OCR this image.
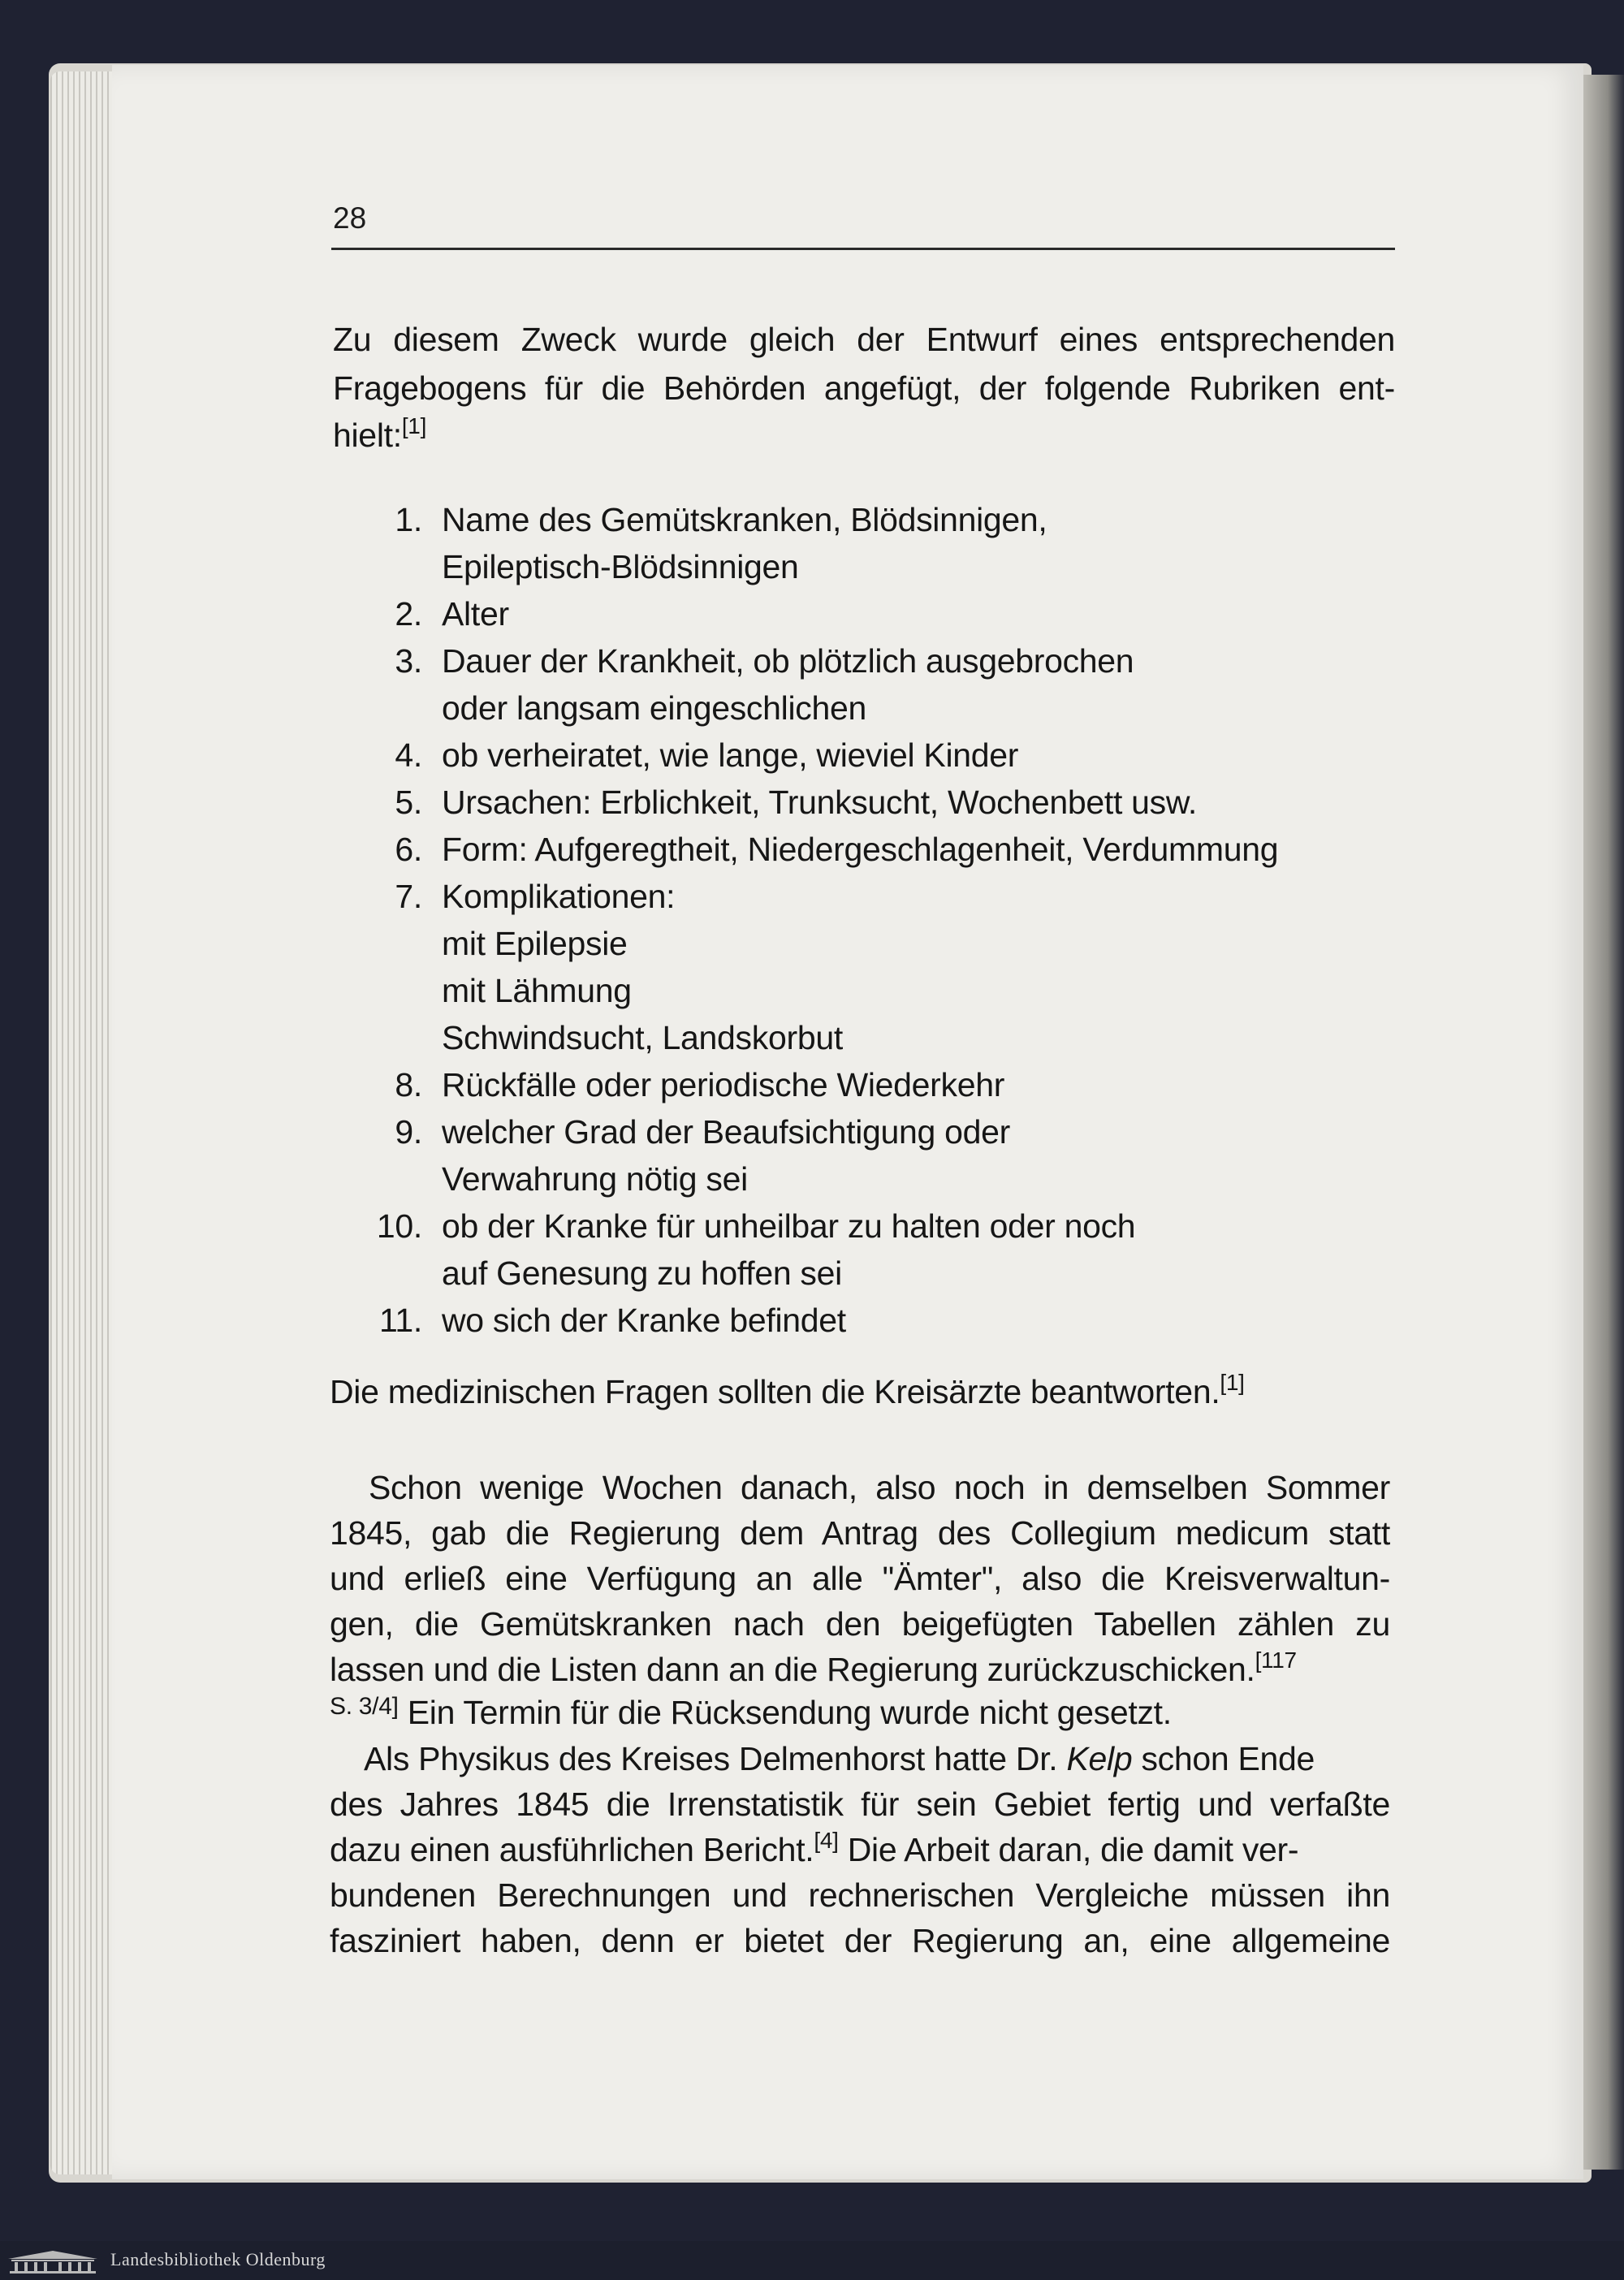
28
Zu diesem Zweck wurde gleich der Entwurf eines entsprechenden
Fragebogens für die Behörden angefügt, der folgende Rubriken ent-
hielt:[1]
1. Name des Gemütskranken, Blödsinnigen,
Epileptisch-Blödsinnigen
2. Alter
3. Dauer der Krankheit, ob plötzlich ausgebrochen
oder langsam eingeschlichen
4. ob verheiratet, wie lange, wieviel Kinder
5. Ursachen: Erblichkeit, Trunksucht, Wochenbett usw.
6. Form: Aufgeregtheit, Niedergeschlagenheit, Verdummung
7. Komplikationen:
mit Epilepsie
mit Lähmung
Schwindsucht, Landskorbut
8. Rückfälle oder periodische Wiederkehr
9. welcher Grad der Beaufsichtigung oder
Verwahrung nötig sei
10. ob der Kranke für unheilbar zu halten oder noch
auf Genesung zu hoffen sei
11. wo sich der Kranke befindet
Die medizinischen Fragen sollten die Kreisärzte beantworten.[1]
Schon wenige Wochen danach, also noch in demselben Sommer
1845, gab die Regierung dem Antrag des Collegium medicum statt
und erließ eine Verfügung an alle "Ämter", also die Kreisverwaltun-
gen, die Gemütskranken nach den beigefügten Tabellen zählen zu
lassen und die Listen dann an die Regierung zurückzuschicken.$^{[117}$
$^{S. 3/4]}$ Ein Termin für die Rücksendung wurde nicht gesetzt.
Als Physikus des Kreises Delmenhorst hatte Dr. Kelp schon Ende
des Jahres 1845 die Irrenstatistik für sein Gebiet fertig und verfaßte
dazu einen ausführlichen Bericht.[4] Die Arbeit daran, die damit ver-
bundenen Berechnungen und rechnerischen Vergleiche müssen ihn
fasziniert haben, denn er bietet der Regierung an, eine allgemeine
Landesbibliothek Oldenburg
